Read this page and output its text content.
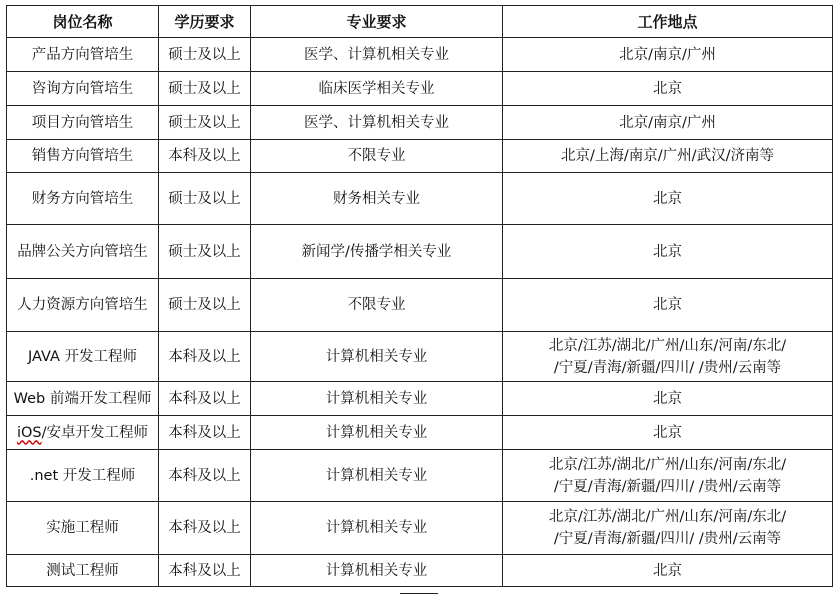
岗位名称	学历要求	专业要求	工作地点
产品方向管培生	硕士及以上	医学、计算机相关专业	北京/南京/广州
咨询方向管培生	硕士及以上	临床医学相关专业	北京
项目方向管培生	硕士及以上	医学、计算机相关专业	北京/南京/广州
销售方向管培生	本科及以上	不限专业	北京/上海/南京/广州/武汉/济南等
财务方向管培生	硕士及以上	财务相关专业	北京
品牌公关方向管培生	硕士及以上	新闻学/传播学相关专业	北京
人力资源方向管培生	硕士及以上	不限专业	北京
JAVA 开发工程师	本科及以上	计算机相关专业	北京/江苏/湖北/广州/山东/河南/东北/
/宁夏/青海/新疆/四川/ /贵州/云南等

Web 前端开发工程师	本科及以上	计算机相关专业	北京
iOS/安卓开发工程师	本科及以上	计算机相关专业	北京
.net 开发工程师	本科及以上	计算机相关专业	北京/江苏/湖北/广州/山东/河南/东北/
/宁夏/青海/新疆/四川/ /贵州/云南等

实施工程师	本科及以上	计算机相关专业	北京/江苏/湖北/广州/山东/河南/东北/
/宁夏/青海/新疆/四川/ /贵州/云南等

测试工程师	本科及以上	计算机相关专业	北京
